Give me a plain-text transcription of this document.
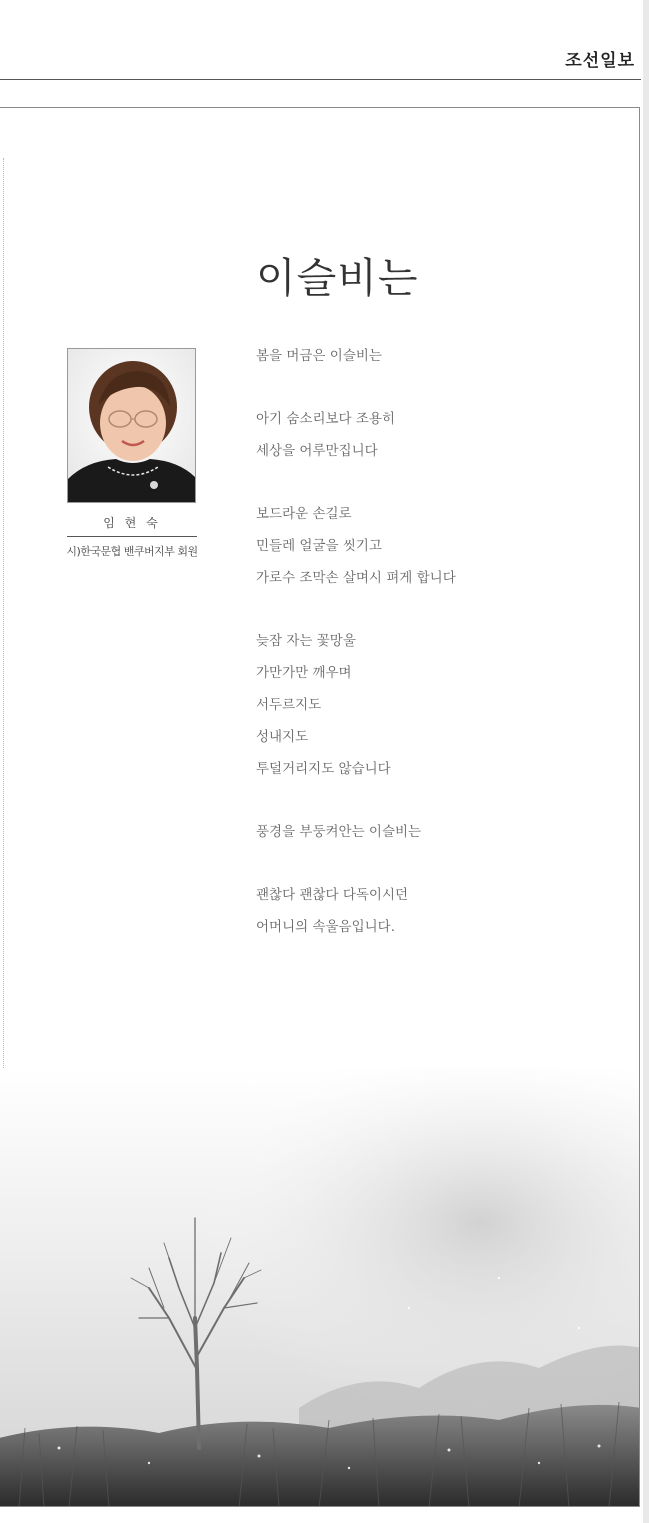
조선일보
이슬비는
봄을 머금은 이슬비는
아기 숨소리보다 조용히
세상을 어루만집니다
보드라운 손길로
민들레 얼굴을 씻기고
가로수 조막손 살며시 펴게 합니다
늦잠 자는 꽃망울
가만가만 깨우며
서두르지도
성내지도
투덜거리지도 않습니다
풍경을 부둥켜안는 이슬비는
괜찮다 괜찮다 다독이시던
어머니의 속울음입니다.
임 현 숙
시)한국문협 밴쿠버지부 회원
